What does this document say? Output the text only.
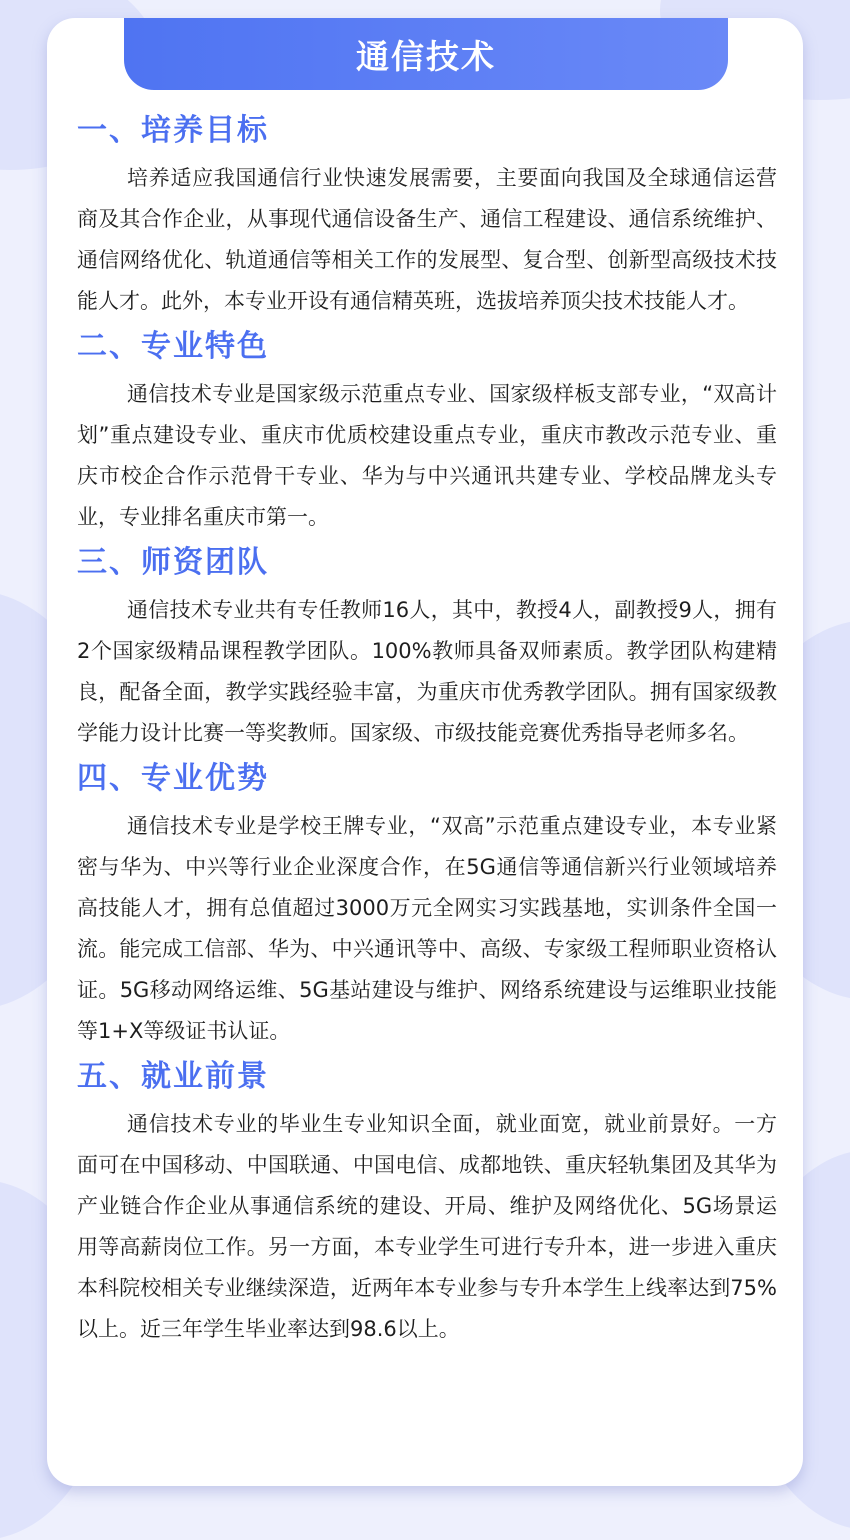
通信技术
一、培养目标

培养适应我国通信行业快速发展需要，主要面向我国及全球通信运营商及其合作企业，从事现代通信设备生产、通信工程建设、通信系统维护、通信网络优化、轨道通信等相关工作的发展型、复合型、创新型高级技术技能人才。此外，本专业开设有通信精英班，选拔培养顶尖技术技能人才。

二、专业特色

通信技术专业是国家级示范重点专业、国家级样板支部专业，“双高计划”重点建设专业、重庆市优质校建设重点专业，重庆市教改示范专业、重庆市校企合作示范骨干专业、华为与中兴通讯共建专业、学校品牌龙头专业，专业排名重庆市第一。

三、师资团队

通信技术专业共有专任教师16人，其中，教授4人，副教授9人，拥有2个国家级精品课程教学团队。100%教师具备双师素质。教学团队构建精良，配备全面，教学实践经验丰富，为重庆市优秀教学团队。拥有国家级教学能力设计比赛一等奖教师。国家级、市级技能竞赛优秀指导老师多名。

四、专业优势

通信技术专业是学校王牌专业，“双高”示范重点建设专业，本专业紧密与华为、中兴等行业企业深度合作，在5G通信等通信新兴行业领域培养高技能人才，拥有总值超过3000万元全网实习实践基地，实训条件全国一流。能完成工信部、华为、中兴通讯等中、高级、专家级工程师职业资格认证。5G移动网络运维、5G基站建设与维护、网络系统建设与运维职业技能等1+X等级证书认证。

五、就业前景

通信技术专业的毕业生专业知识全面，就业面宽，就业前景好。一方面可在中国移动、中国联通、中国电信、成都地铁、重庆轻轨集团及其华为产业链合作企业从事通信系统的建设、开局、维护及网络优化、5G场景运用等高薪岗位工作。另一方面，本专业学生可进行专升本，进一步进入重庆本科院校相关专业继续深造，近两年本专业参与专升本学生上线率达到75%以上。近三年学生毕业率达到98.6以上。
